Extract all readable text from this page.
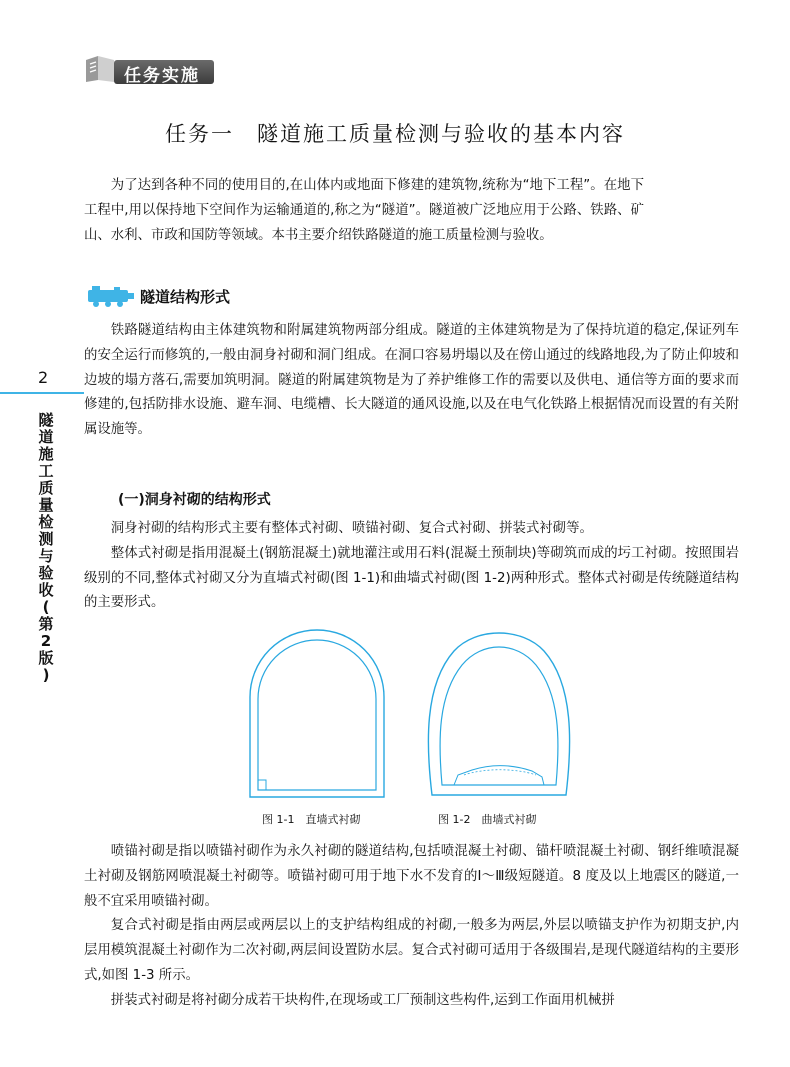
任务实施
任务一　隧道施工质量检测与验收的基本内容

为了达到各种不同的使用目的,在山体内或地面下修建的建筑物,统称为“地下工程”。在地下工程中,用以保持地下空间作为运输通道的,称之为“隧道”。隧道被广泛地应用于公路、铁路、矿山、水利、市政和国防等领域。本书主要介绍铁路隧道的施工质量检测与验收。

隧道结构形式

铁路隧道结构由主体建筑物和附属建筑物两部分组成。隧道的主体建筑物是为了保持坑道的稳定,保证列车的安全运行而修筑的,一般由洞身衬砌和洞门组成。在洞口容易坍塌以及在傍山通过的线路地段,为了防止仰坡和边坡的塌方落石,需要加筑明洞。隧道的附属建筑物是为了养护维修工作的需要以及供电、通信等方面的要求而修建的,包括防排水设施、避车洞、电缆槽、长大隧道的通风设施,以及在电气化铁路上根据情况而设置的有关附属设施等。

(一)洞身衬砌的结构形式

洞身衬砌的结构形式主要有整体式衬砌、喷锚衬砌、复合式衬砌、拼装式衬砌等。

整体式衬砌是指用混凝土(钢筋混凝土)就地灌注或用石料(混凝土预制块)等砌筑而成的圬工衬砌。按照围岩级别的不同,整体式衬砌又分为直墙式衬砌(图 1-1)和曲墙式衬砌(图 1-2)两种形式。整体式衬砌是传统隧道结构的主要形式。

图 1-1　直墙式衬砌	图 1-2　曲墙式衬砌

喷锚衬砌是指以喷锚衬砌作为永久衬砌的隧道结构,包括喷混凝土衬砌、锚杆喷混凝土衬砌、钢纤维喷混凝土衬砌及钢筋网喷混凝土衬砌等。喷锚衬砌可用于地下水不发育的Ⅰ～Ⅲ级短隧道。8 度及以上地震区的隧道,一般不宜采用喷锚衬砌。

复合式衬砌是指由两层或两层以上的支护结构组成的衬砌,一般多为两层,外层以喷锚支护作为初期支护,内层用模筑混凝土衬砌作为二次衬砌,两层间设置防水层。复合式衬砌可适用于各级围岩,是现代隧道结构的主要形式,如图 1-3 所示。

拼装式衬砌是将衬砌分成若干块构件,在现场或工厂预制这些构件,运到工作面用机械拼

2
隧
道
施
工
质
量
检
测
与
验
收
(
第
2
版
)
